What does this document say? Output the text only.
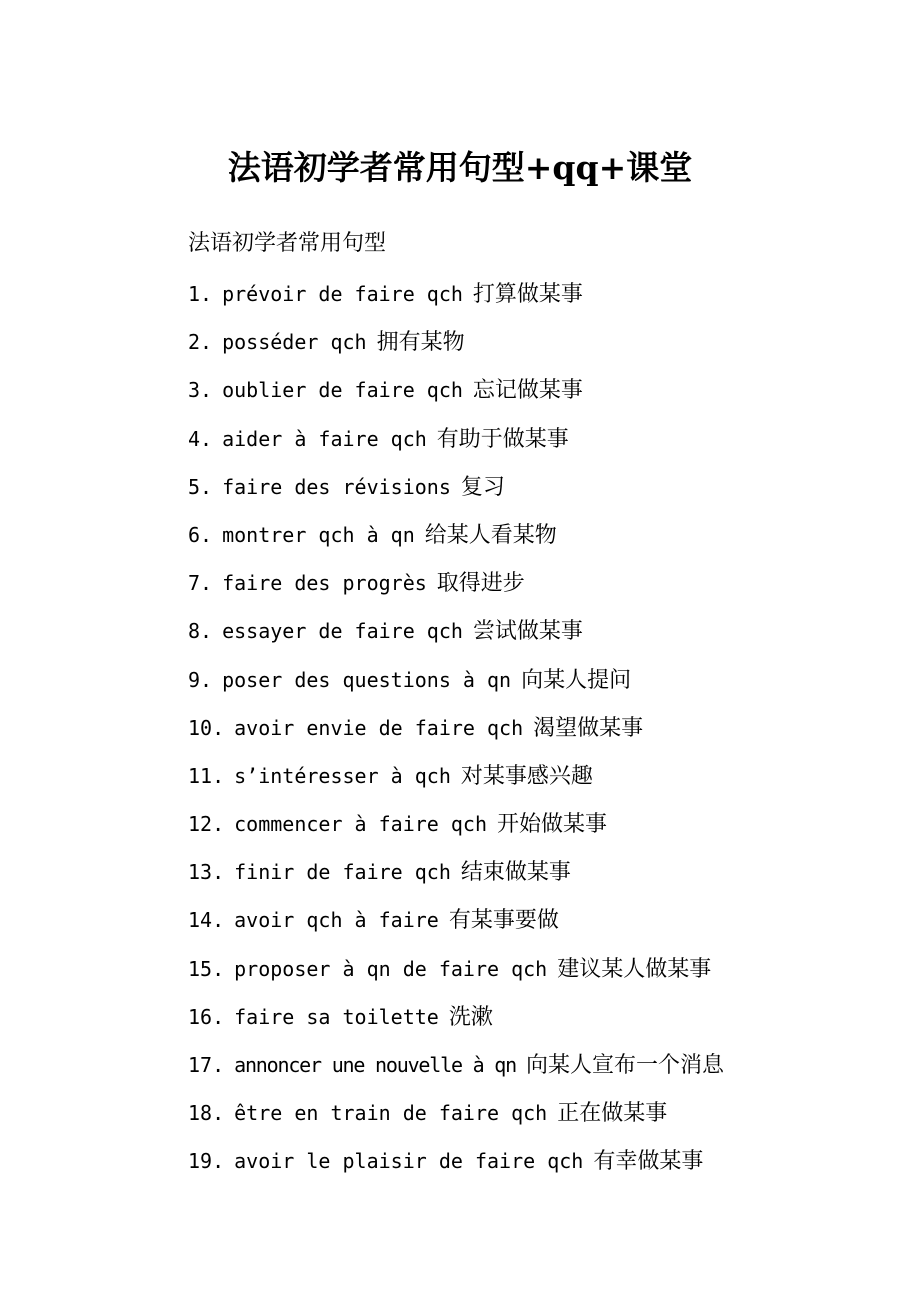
法语初学者常用句型+qq+课堂

法语初学者常用句型

1. prévoir de faire qch 打算做某事
2. posséder qch 拥有某物
3. oublier de faire qch 忘记做某事
4. aider à faire qch 有助于做某事
5. faire des révisions 复习
6. montrer qch à qn 给某人看某物
7. faire des progrès 取得进步
8. essayer de faire qch 尝试做某事
9. poser des questions à qn 向某人提问
10. avoir envie de faire qch 渴望做某事
11. s’intéresser à qch 对某事感兴趣
12. commencer à faire qch 开始做某事
13. finir de faire qch 结束做某事
14. avoir qch à faire 有某事要做
15. proposer à qn de faire qch 建议某人做某事
16. faire sa toilette 洗漱
17. annoncer une nouvelle à qn 向某人宣布一个消息
18. être en train de faire qch 正在做某事
19. avoir le plaisir de faire qch 有幸做某事
